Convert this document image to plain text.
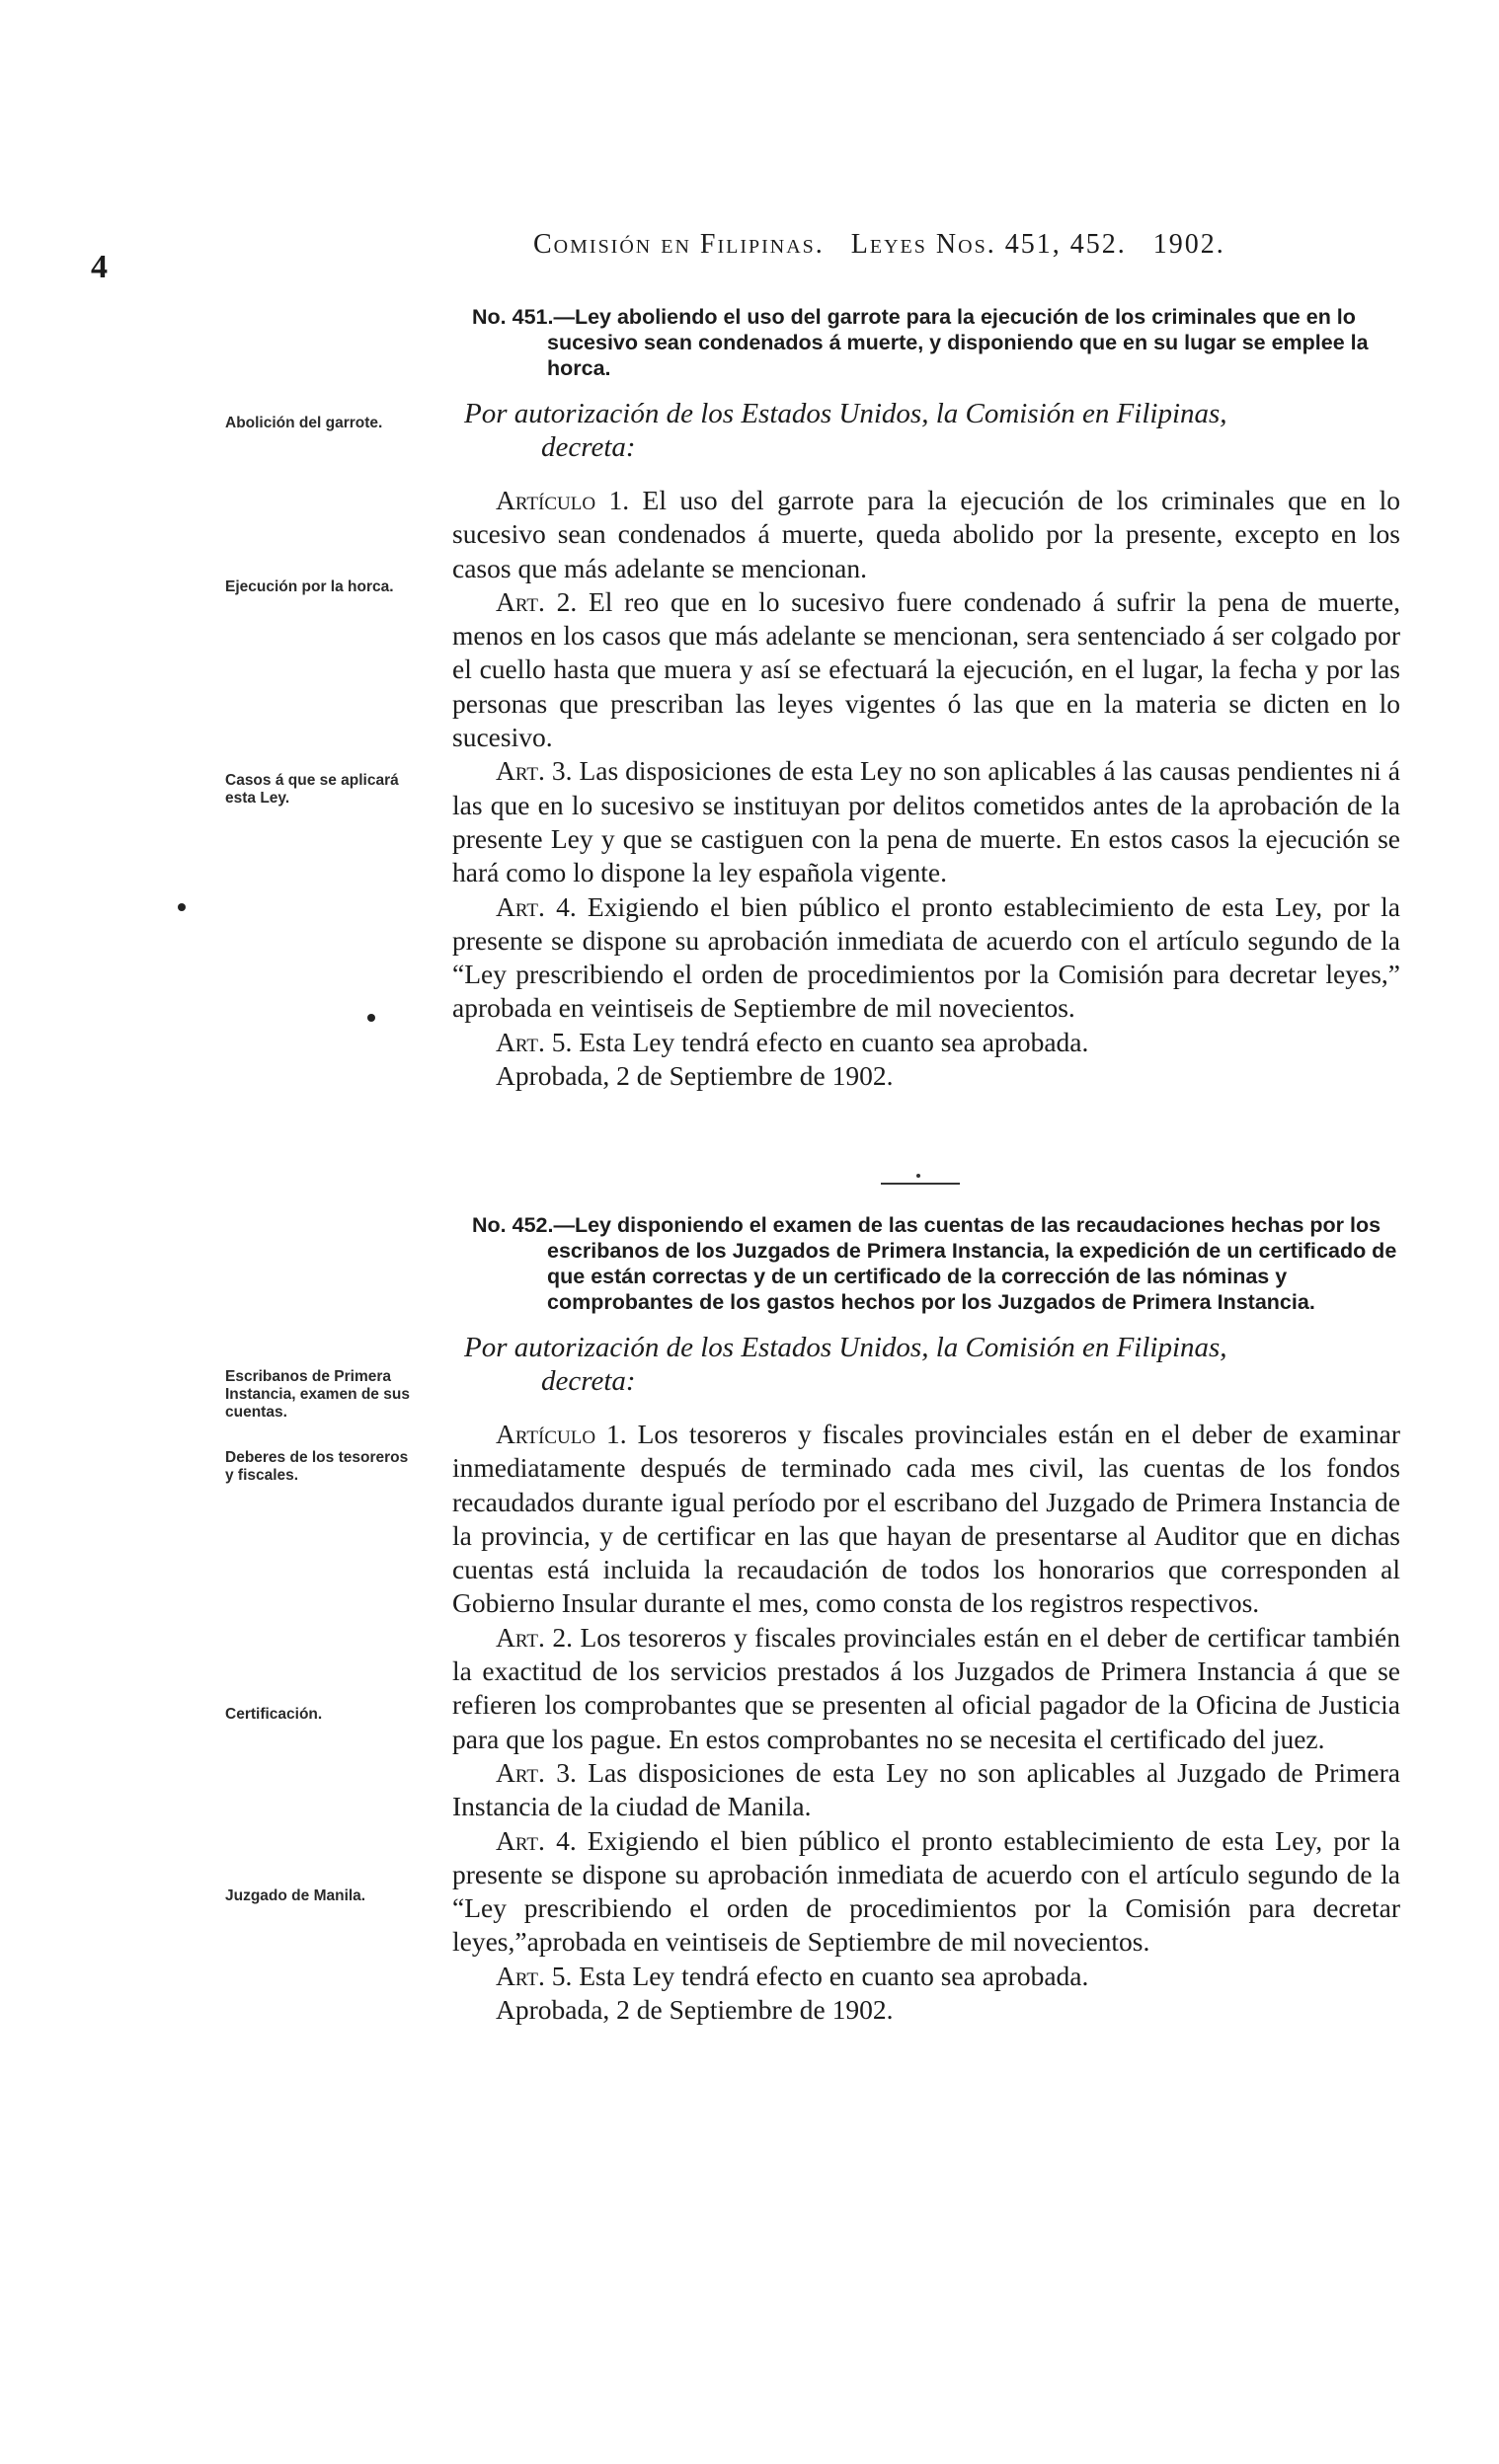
4
Comisión en Filipinas. Leyes Nos. 451, 452. 1902.
No. 451.—Ley aboliendo el uso del garrote para la ejecución de los criminales que en lo sucesivo sean condenados á muerte, y disponiendo que en su lugar se emplee la horca.
Por autorización de los Estados Unidos, la Comisión en Filipinas,
decreta:
Artículo 1. El uso del garrote para la ejecución de los criminales que en lo sucesivo sean condenados á muerte, queda abolido por la presente, excepto en los casos que más adelante se mencionan.
Art. 2. El reo que en lo sucesivo fuere condenado á sufrir la pena de muerte, menos en los casos que más adelante se mencionan, sera sentenciado á ser colgado por el cuello hasta que muera y así se efectuará la ejecución, en el lugar, la fecha y por las personas que prescriban las leyes vigentes ó las que en la materia se dicten en lo sucesivo.
Art. 3. Las disposiciones de esta Ley no son aplicables á las causas pendientes ni á las que en lo sucesivo se instituyan por delitos cometidos antes de la aprobación de la presente Ley y que se castiguen con la pena de muerte. En estos casos la ejecución se hará como lo dispone la ley española vigente.
Art. 4. Exigiendo el bien público el pronto establecimiento de esta Ley, por la presente se dispone su aprobación inmediata de acuerdo con el artículo segundo de la “Ley prescribiendo el orden de procedimientos por la Comisión para decretar leyes,” aprobada en veintiseis de Septiembre de mil novecientos.
Art. 5. Esta Ley tendrá efecto en cuanto sea aprobada.
Aprobada, 2 de Septiembre de 1902.
Abolición del garrote.
Ejecución por la horca.
Casos á que se aplicará esta Ley.
No. 452.—Ley disponiendo el examen de las cuentas de las recaudaciones hechas por los escribanos de los Juzgados de Primera Instancia, la expedición de un certificado de que están correctas y de un certificado de la corrección de las nóminas y comprobantes de los gastos hechos por los Juzgados de Primera Instancia.
Por autorización de los Estados Unidos, la Comisión en Filipinas,
decreta:
Artículo 1. Los tesoreros y fiscales provinciales están en el deber de examinar inmediatamente después de terminado cada mes civil, las cuentas de los fondos recaudados durante igual período por el escribano del Juzgado de Primera Instancia de la provincia, y de certificar en las que hayan de presentarse al Auditor que en dichas cuentas está incluida la recaudación de todos los honorarios que corresponden al Gobierno Insular durante el mes, como consta de los registros respectivos.
Art. 2. Los tesoreros y fiscales provinciales están en el deber de certificar también la exactitud de los servicios prestados á los Juzgados de Primera Instancia á que se refieren los comprobantes que se presenten al oficial pagador de la Oficina de Justicia para que los pague. En estos comprobantes no se necesita el certificado del juez.
Art. 3. Las disposiciones de esta Ley no son aplicables al Juzgado de Primera Instancia de la ciudad de Manila.
Art. 4. Exigiendo el bien público el pronto establecimiento de esta Ley, por la presente se dispone su aprobación inmediata de acuerdo con el artículo segundo de la “Ley prescribiendo el orden de procedimientos por la Comisión para decretar leyes,”aprobada en veintiseis de Septiembre de mil novecientos.
Art. 5. Esta Ley tendrá efecto en cuanto sea aprobada.
Aprobada, 2 de Septiembre de 1902.
Escribanos de Primera Instancia, examen de sus cuentas.
Deberes de los tesoreros y fiscales.
Certificación.
Juzgado de Manila.
